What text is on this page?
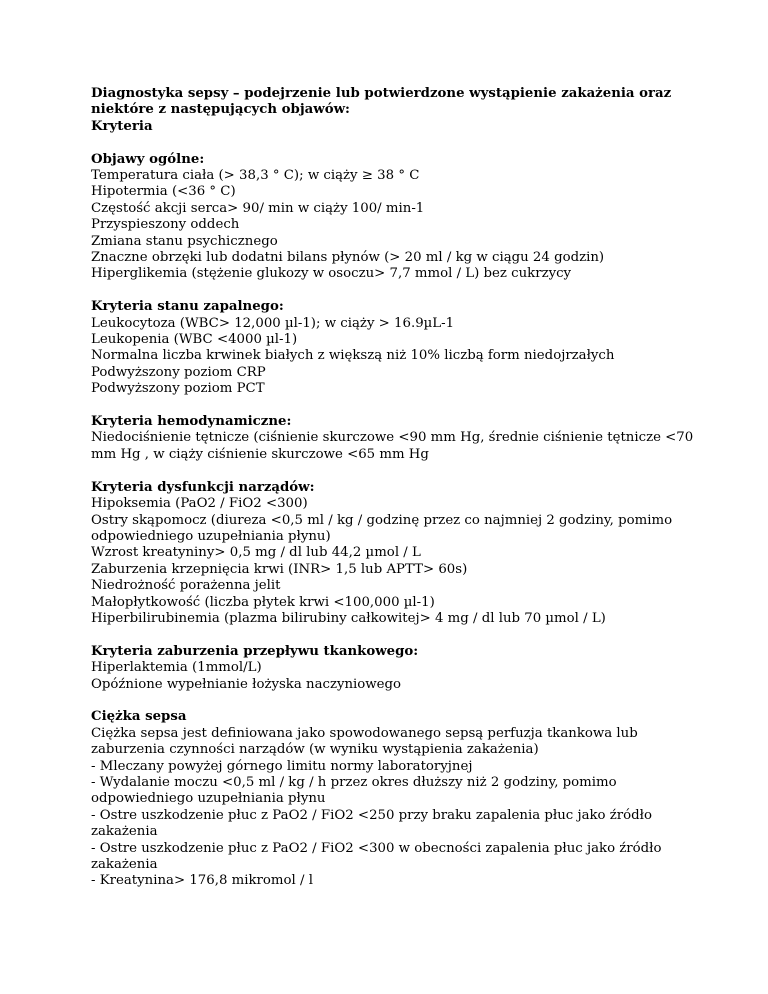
Diagnostyka sepsy – podejrzenie lub potwierdzone wystąpienie zakażenia oraz
niektóre z następujących objawów:
Kryteria
Objawy ogólne:
Temperatura ciała (> 38,3 ° C); w ciąży ≥ 38 ° C
Hipotermia (<36 ° C)
Częstość akcji serca> 90/ min w ciąży 100/ min-1
Przyspieszony oddech
Zmiana stanu psychicznego
Znaczne obrzęki lub dodatni bilans płynów (> 20 ml / kg w ciągu 24 godzin)
Hiperglikemia (stężenie glukozy w osoczu> 7,7 mmol / L) bez cukrzycy
Kryteria stanu zapalnego:
Leukocytoza (WBC> 12,000 µl-1); w ciąży > 16.9µL-1
Leukopenia (WBC <4000 µl-1)
Normalna liczba krwinek białych z większą niż 10% liczbą form niedojrzałych
Podwyższony poziom CRP
Podwyższony poziom PCT
Kryteria hemodynamiczne:
Niedociśnienie tętnicze (ciśnienie skurczowe <90 mm Hg, średnie ciśnienie tętnicze <70
mm Hg , w ciąży ciśnienie skurczowe <65 mm Hg
Kryteria dysfunkcji narządów:
Hipoksemia (PaO2 / FiO2 <300)
Ostry skąpomocz (diureza <0,5 ml / kg / godzinę przez co najmniej 2 godziny, pomimo
odpowiedniego uzupełniania płynu)
Wzrost kreatyniny> 0,5 mg / dl lub 44,2 µmol / L
Zaburzenia krzepnięcia krwi (INR> 1,5 lub APTT> 60s)
Niedrożność porażenna jelit
Małopłytkowość (liczba płytek krwi <100,000 µl-1)
Hiperbilirubinemia (plazma bilirubiny całkowitej> 4 mg / dl lub 70 µmol / L)
Kryteria zaburzenia przepływu tkankowego:
Hiperlaktemia (1mmol/L)
Opóźnione wypełnianie łożyska naczyniowego
Ciężka sepsa
Ciężka sepsa jest definiowana jako spowodowanego sepsą perfuzja tkankowa lub
zaburzenia czynności narządów (w wyniku wystąpienia zakażenia)
- Mleczany powyżej górnego limitu normy laboratoryjnej
- Wydalanie moczu <0,5 ml / kg / h przez okres dłuższy niż 2 godziny, pomimo
odpowiedniego uzupełniania płynu
- Ostre uszkodzenie płuc z PaO2 / FiO2 <250 przy braku zapalenia płuc jako źródło
zakażenia
- Ostre uszkodzenie płuc z PaO2 / FiO2 <300 w obecności zapalenia płuc jako źródło
zakażenia
- Kreatynina> 176,8 mikromol / l
